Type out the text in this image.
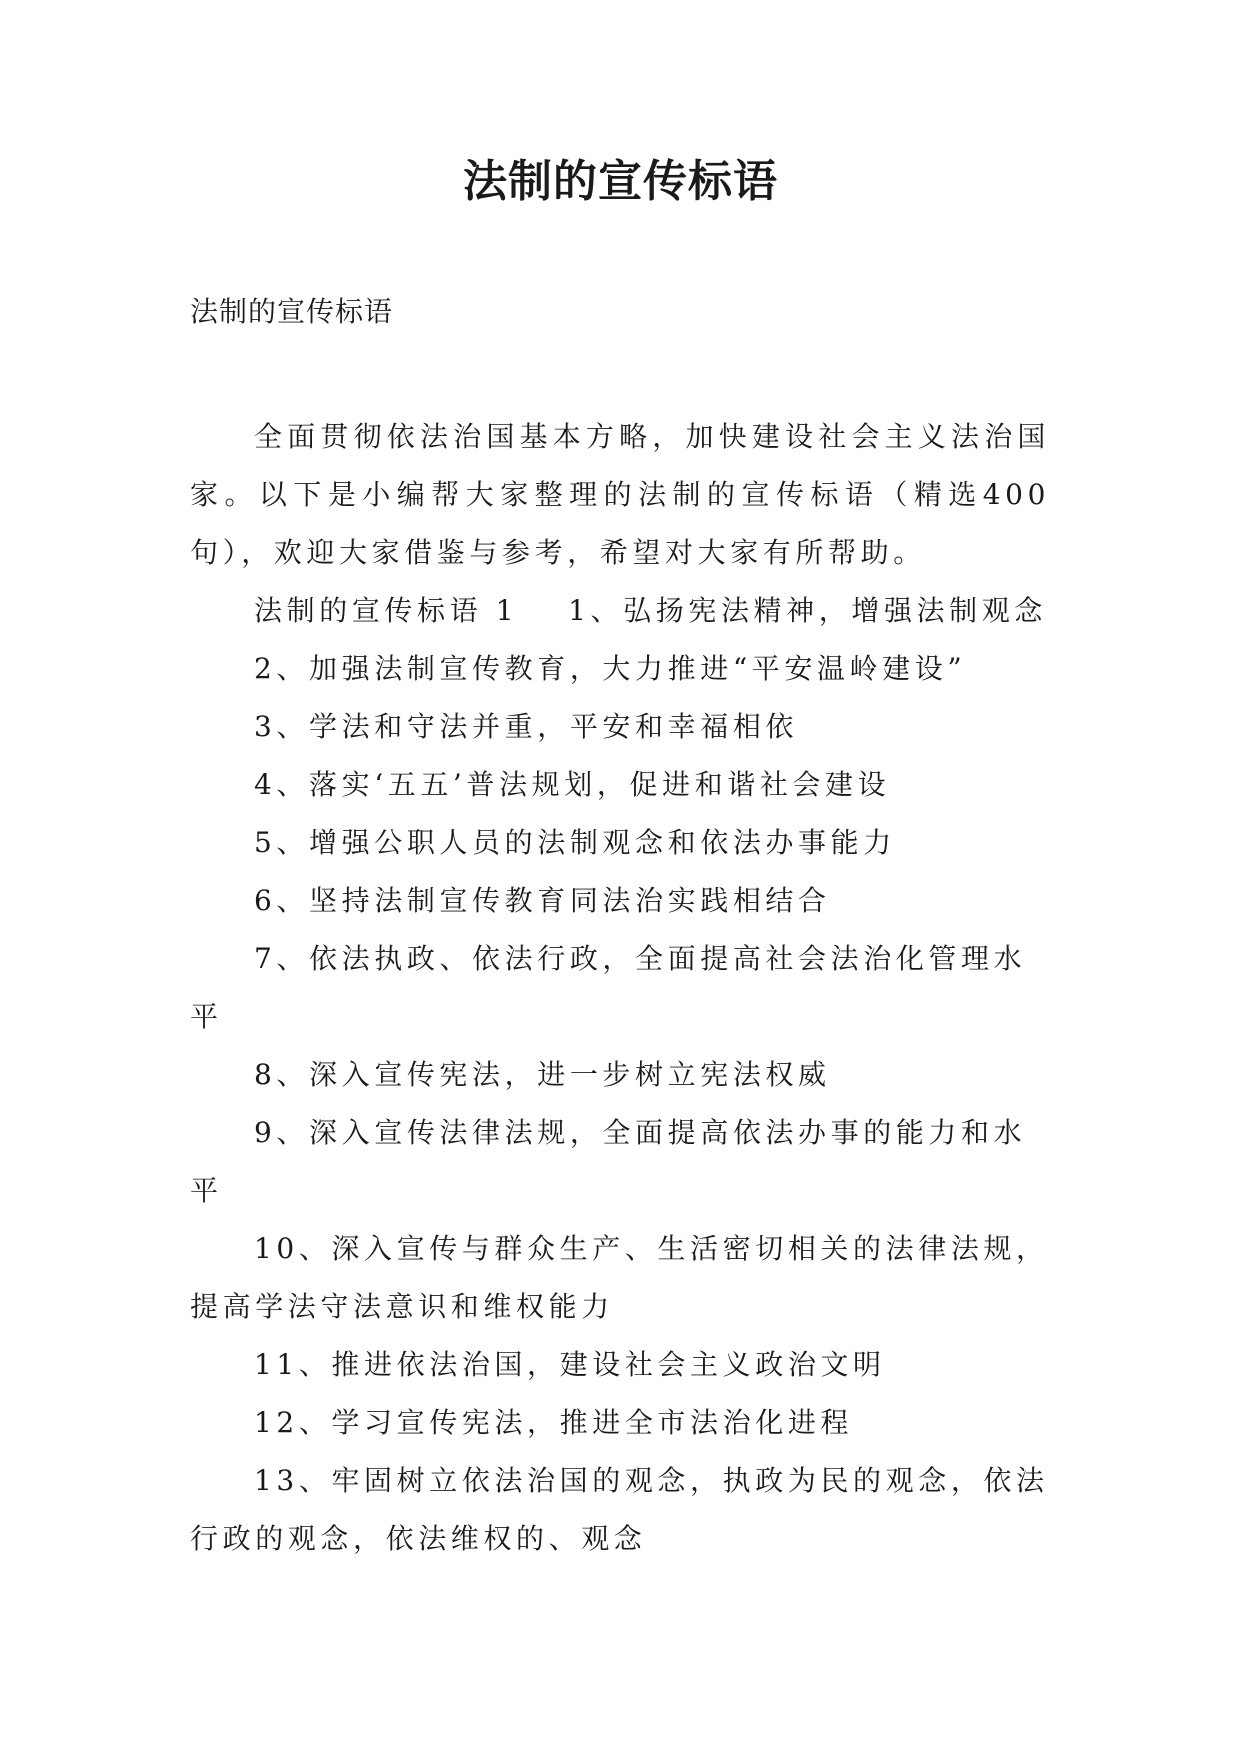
法制的宣传标语

法制的宣传标语

全面贯彻依法治国基本方略，加快建设社会主义法治国家。以下是小编帮大家整理的法制的宣传标语（精选400句），欢迎大家借鉴与参考，希望对大家有所帮助。

法制的宣传标语 1 1、弘扬宪法精神，增强法制观念

2、加强法制宣传教育，大力推进“平安温岭建设”
3、学法和守法并重，平安和幸福相依
4、落实‘五五’普法规划，促进和谐社会建设
5、增强公职人员的法制观念和依法办事能力
6、坚持法制宣传教育同法治实践相结合
7、依法执政、依法行政，全面提高社会法治化管理水平
8、深入宣传宪法，进一步树立宪法权威
9、深入宣传法律法规，全面提高依法办事的能力和水平
10、深入宣传与群众生产、生活密切相关的法律法规，提高学法守法意识和维权能力
11、推进依法治国，建设社会主义政治文明
12、学习宣传宪法，推进全市法治化进程
13、牢固树立依法治国的观念，执政为民的观念，依法行政的观念，依法维权的、观念
